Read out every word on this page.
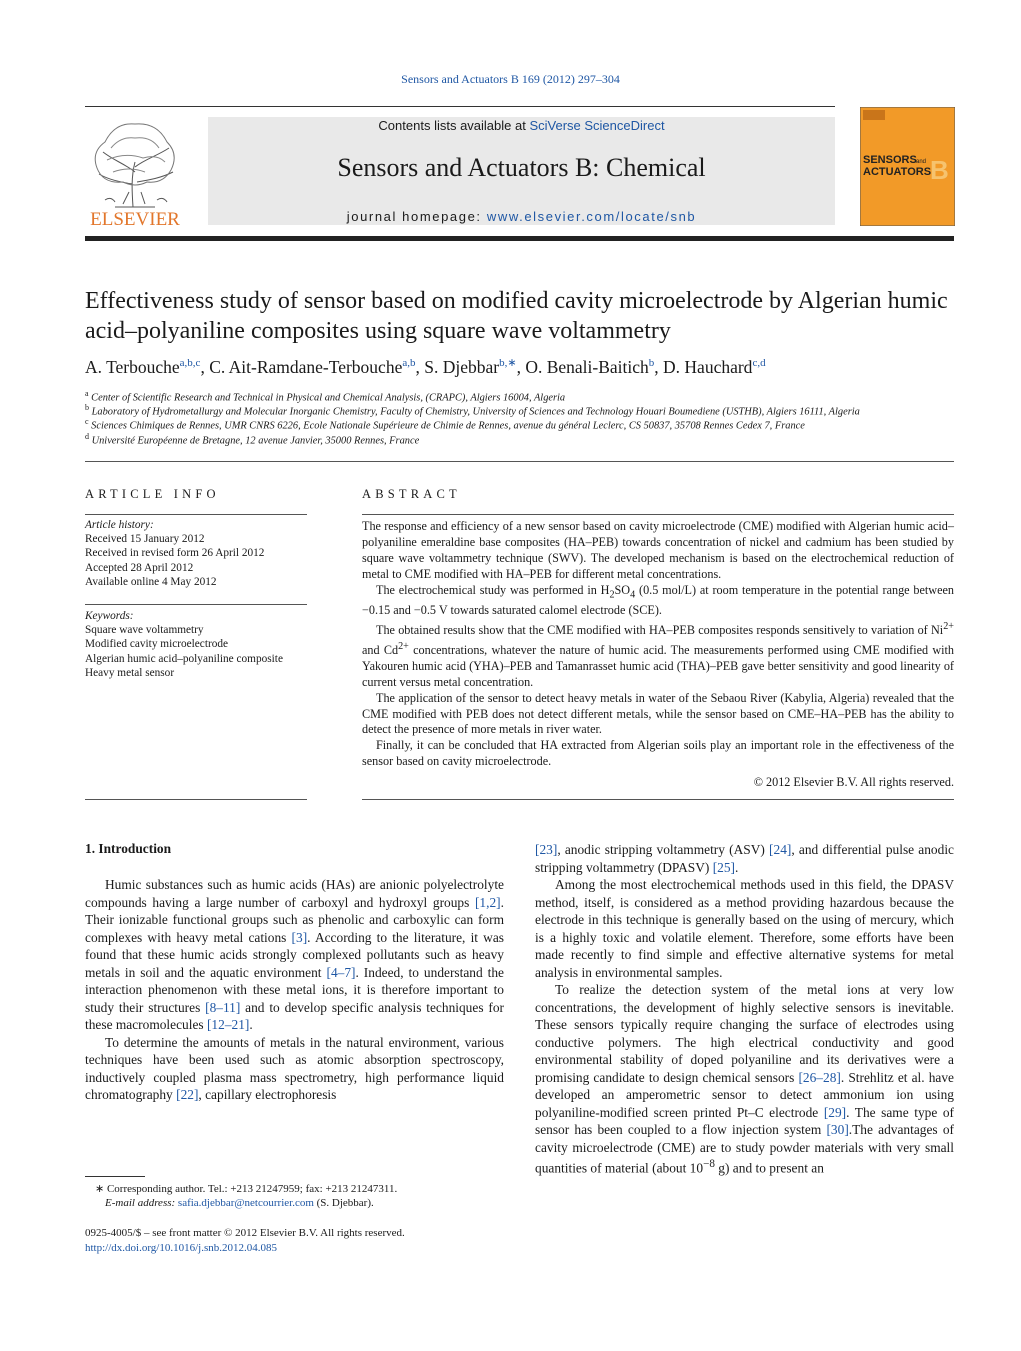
Sensors and Actuators B 169 (2012) 297–304
Contents lists available at SciVerse ScienceDirect
Sensors and Actuators B: Chemical
journal homepage: www.elsevier.com/locate/snb
ELSEVIER
SENSORS and
ACTUATORS
B
Effectiveness study of sensor based on modified cavity microelectrode by Algerian humic acid–polyaniline composites using square wave voltammetry
A. Terbouche$^{a,b,c}$, C. Ait-Ramdane-Terbouche$^{a,b}$, S. Djebbar$^{b,∗}$, O. Benali-Baitich$^b$, D. Hauchard$^{c,d}$
$^a$ Center of Scientific Research and Technical in Physical and Chemical Analysis, (CRAPC), Algiers 16004, Algeria
$^b$ Laboratory of Hydrometallurgy and Molecular Inorganic Chemistry, Faculty of Chemistry, University of Sciences and Technology Houari Boumediene (USTHB), Algiers 16111, Algeria
$^c$ Sciences Chimiques de Rennes, UMR CNRS 6226, Ecole Nationale Supérieure de Chimie de Rennes, avenue du général Leclerc, CS 50837, 35708 Rennes Cedex 7, France
$^d$ Université Européenne de Bretagne, 12 avenue Janvier, 35000 Rennes, France
ARTICLE INFO
Article history:
Received 15 January 2012
Received in revised form 26 April 2012
Accepted 28 April 2012
Available online 4 May 2012
Keywords:
Square wave voltammetry
Modified cavity microelectrode
Algerian humic acid–polyaniline composite
Heavy metal sensor
ABSTRACT

The response and efficiency of a new sensor based on cavity microelectrode (CME) modified with Algerian humic acid–polyaniline emeraldine base composites (HA–PEB) towards concentration of nickel and cadmium has been studied by square wave voltammetry technique (SWV). The developed mechanism is based on the electrochemical reduction of metal to CME modified with HA–PEB for different metal concentrations.

The electrochemical study was performed in $H_2SO_4$ (0.5 mol/L) at room temperature in the potential range between −0.15 and −0.5 V towards saturated calomel electrode (SCE).

The obtained results show that the CME modified with HA–PEB composites responds sensitively to variation of $Ni^{2+}$ and $Cd^{2+}$ concentrations, whatever the nature of humic acid. The measurements performed using CME modified with Yakouren humic acid (YHA)–PEB and Tamanrasset humic acid (THA)–PEB gave better sensitivity and good linearity of current versus metal concentration.

The application of the sensor to detect heavy metals in water of the Sebaou River (Kabylia, Algeria) revealed that the CME modified with PEB does not detect different metals, while the sensor based on CME–HA–PEB has the ability to detect the presence of more metals in river water.

Finally, it can be concluded that HA extracted from Algerian soils play an important role in the effectiveness of the sensor based on cavity microelectrode.

© 2012 Elsevier B.V. All rights reserved.
1. Introduction

Humic substances such as humic acids (HAs) are anionic polyelectrolyte compounds having a large number of carboxyl and hydroxyl groups [1,2]. Their ionizable functional groups such as phenolic and carboxylic can form complexes with heavy metal cations [3]. According to the literature, it was found that these humic acids strongly complexed pollutants such as heavy metals in soil and the aquatic environment [4–7]. Indeed, to understand the interaction phenomenon with these metal ions, it is therefore important to study their structures [8–11] and to develop specific analysis techniques for these macromolecules [12–21].

To determine the amounts of metals in the natural environment, various techniques have been used such as atomic absorption spectroscopy, inductively coupled plasma mass spectrometry, high performance liquid chromatography [22], capillary electrophoresis

[23], anodic stripping voltammetry (ASV) [24], and differential pulse anodic stripping voltammetry (DPASV) [25].

Among the most electrochemical methods used in this field, the DPASV method, itself, is considered as a method providing hazardous because the electrode in this technique is generally based on the using of mercury, which is a highly toxic and volatile element. Therefore, some efforts have been made recently to find simple and effective alternative systems for metal analysis in environmental samples.

To realize the detection system of the metal ions at very low concentrations, the development of highly selective sensors is inevitable. These sensors typically require changing the surface of electrodes using conductive polymers. The high electrical conductivity and good environmental stability of doped polyaniline and its derivatives were a promising candidate to design chemical sensors [26–28]. Strehlitz et al. have developed an amperometric sensor to detect ammonium ion using polyaniline-modified screen printed Pt–C electrode [29]. The same type of sensor has been coupled to a flow injection system [30].The advantages of cavity microelectrode (CME) are to study powder materials with very small quantities of material (about $10^{-8}$ g) and to present an

∗ Corresponding author. Tel.: +213 21247959; fax: +213 21247311.
E-mail address: safia.djebbar@netcourrier.com (S. Djebbar).
0925-4005/$ – see front matter © 2012 Elsevier B.V. All rights reserved.
http://dx.doi.org/10.1016/j.snb.2012.04.085
